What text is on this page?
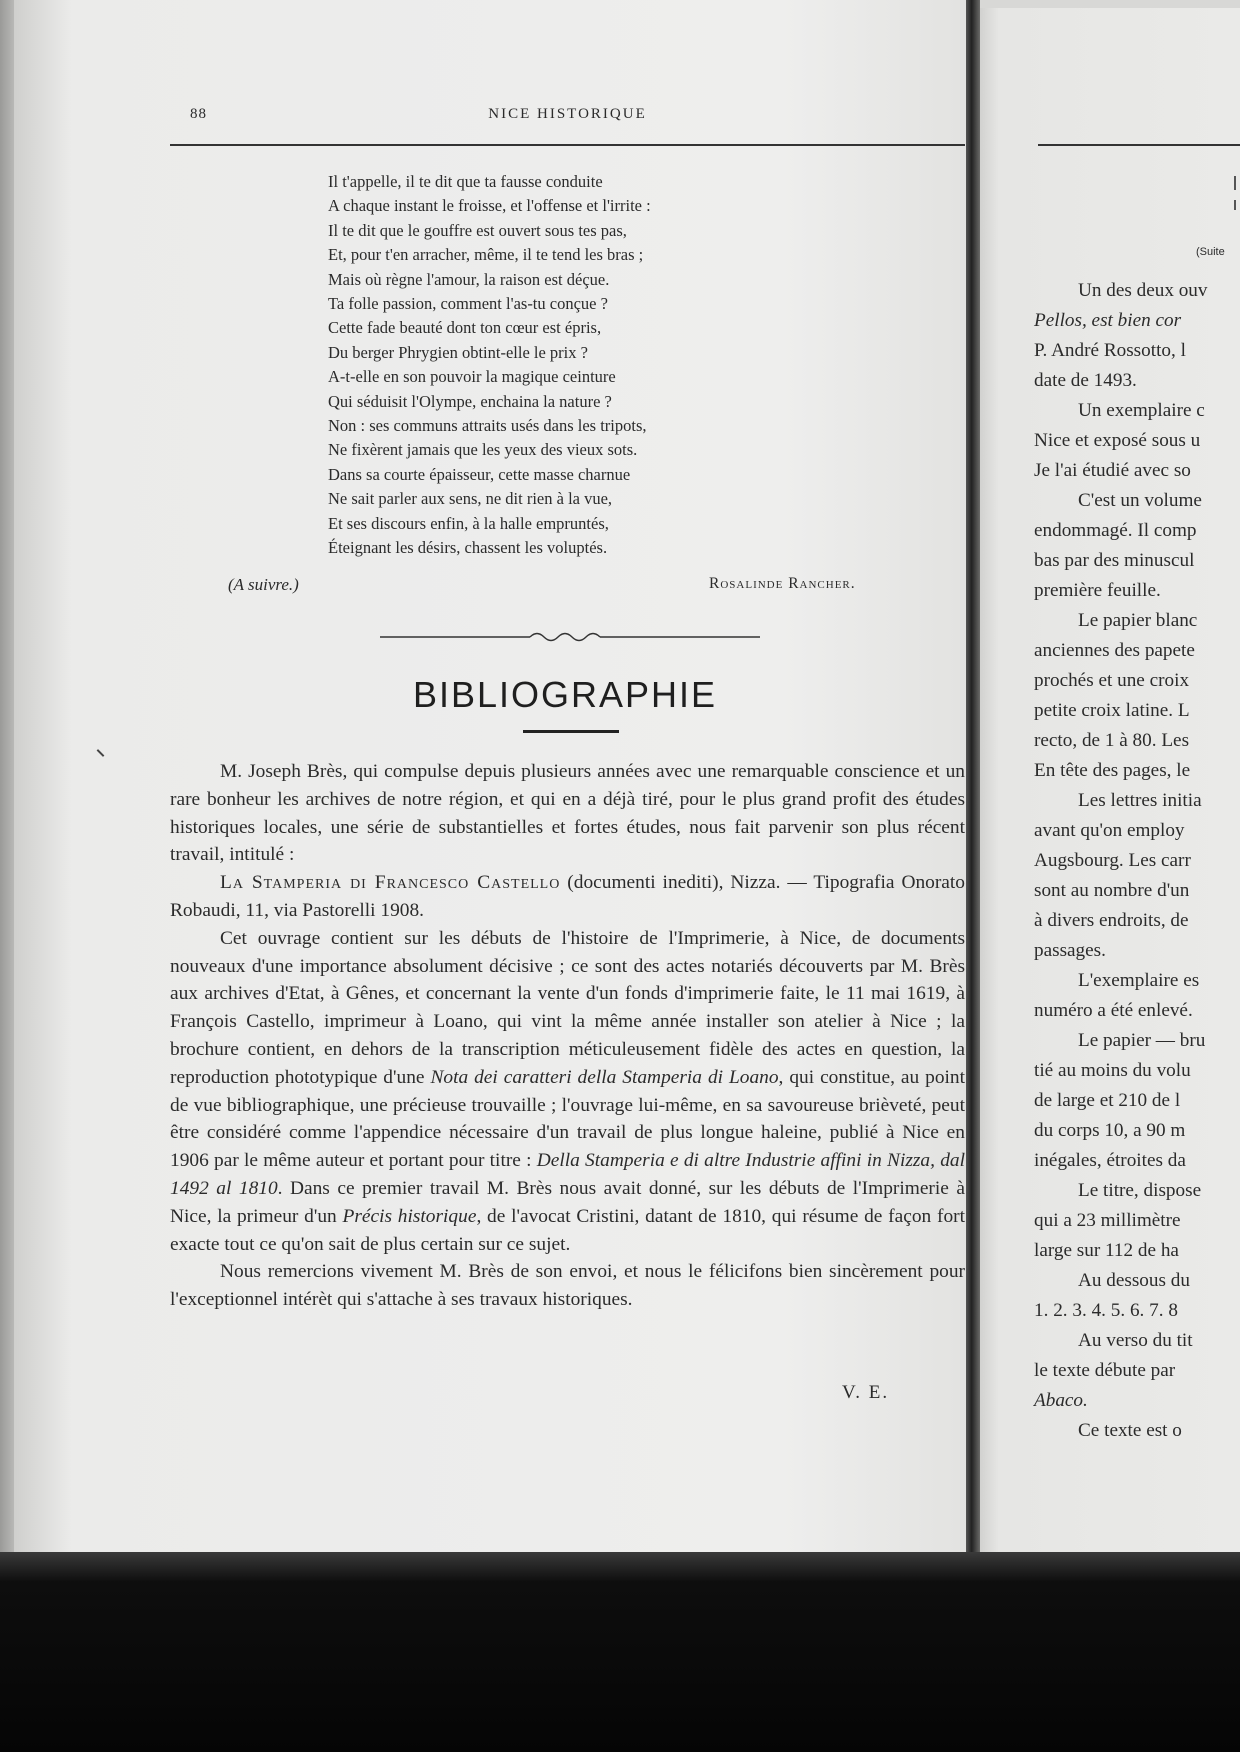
88	NICE HISTORIQUE
Il t'appelle, il te dit que ta fausse conduite
A chaque instant le froisse, et l'offense et l'irrite :
Il te dit que le gouffre est ouvert sous tes pas,
Et, pour t'en arracher, même, il te tend les bras ;
Mais où règne l'amour, la raison est déçue.
Ta folle passion, comment l'as-tu conçue ?
Cette fade beauté dont ton cœur est épris,
Du berger Phrygien obtint-elle le prix ?
A-t-elle en son pouvoir la magique ceinture
Qui séduisit l'Olympe, enchaina la nature ?
Non : ses communs attraits usés dans les tripots,
Ne fixèrent jamais que les yeux des vieux sots.
Dans sa courte épaisseur, cette masse charnue
Ne sait parler aux sens, ne dit rien à la vue,
Et ses discours enfin, à la halle empruntés,
Éteignant les désirs, chassent les voluptés.
(A suivre.)	Rosalinde Rancher.
BIBLIOGRAPHIE

M. Joseph Brès, qui compulse depuis plusieurs années avec une remarquable conscience et un rare bonheur les archives de notre région, et qui en a déjà tiré, pour le plus grand profit des études historiques locales, une série de substantielles et fortes études, nous fait parvenir son plus récent travail, intitulé :

La Stamperia di Francesco Castello (documenti inediti), Nizza. — Tipografia Onorato Robaudi, 11, via Pastorelli 1908.

Cet ouvrage contient sur les débuts de l'histoire de l'Imprimerie, à Nice, de documents nouveaux d'une importance absolument décisive ; ce sont des actes notariés découverts par M. Brès aux archives d'Etat, à Gênes, et concernant la vente d'un fonds d'imprimerie faite, le 11 mai 1619, à François Castello, imprimeur à Loano, qui vint la même année installer son atelier à Nice ; la brochure contient, en dehors de la transcription méticuleusement fidèle des actes en question, la reproduction phototypique d'une Nota dei caratteri della Stamperia di Loano, qui constitue, au point de vue bibliographique, une précieuse trouvaille ; l'ouvrage lui-même, en sa savoureuse brièveté, peut être considéré comme l'appendice nécessaire d'un travail de plus longue haleine, publié à Nice en 1906 par le même auteur et portant pour titre : Della Stamperia e di altre Industrie affini in Nizza, dal 1492 al 1810. Dans ce premier travail M. Brès nous avait donné, sur les débuts de l'Imprimerie à Nice, la primeur d'un Précis historique, de l'avocat Cristini, datant de 1810, qui résume de façon fort exacte tout ce qu'on sait de plus certain sur ce sujet.

Nous remercions vivement M. Brès de son envoi, et nous le félicifons bien sincèrement pour l'exceptionnel intérèt qui s'attache à ses travaux historiques.

V. E.
(Suite
Un des deux ouv
Pellos, est bien cor
P. André Rossotto, l
date de 1493.
Un exemplaire c
Nice et exposé sous u
Je l'ai étudié avec so
C'est un volume
endommagé. Il comp
bas par des minuscul
première feuille.
Le papier blanc
anciennes des papete
prochés et une croix
petite croix latine. L
recto, de 1 à 80. Les
En tête des pages, le
Les lettres initia
avant qu'on employ
Augsbourg. Les carr
sont au nombre d'un
à divers endroits, de
passages.
L'exemplaire es
numéro a été enlevé.
Le papier — bru
tié au moins du volu
de large et 210 de l
du corps 10, a 90 m
inégales, étroites da
Le titre, dispose
qui a 23 millimètre
large sur 112 de ha
Au dessous du
1. 2. 3. 4. 5. 6. 7. 8
Au verso du tit
le texte débute par
Abaco.
Ce texte est o
